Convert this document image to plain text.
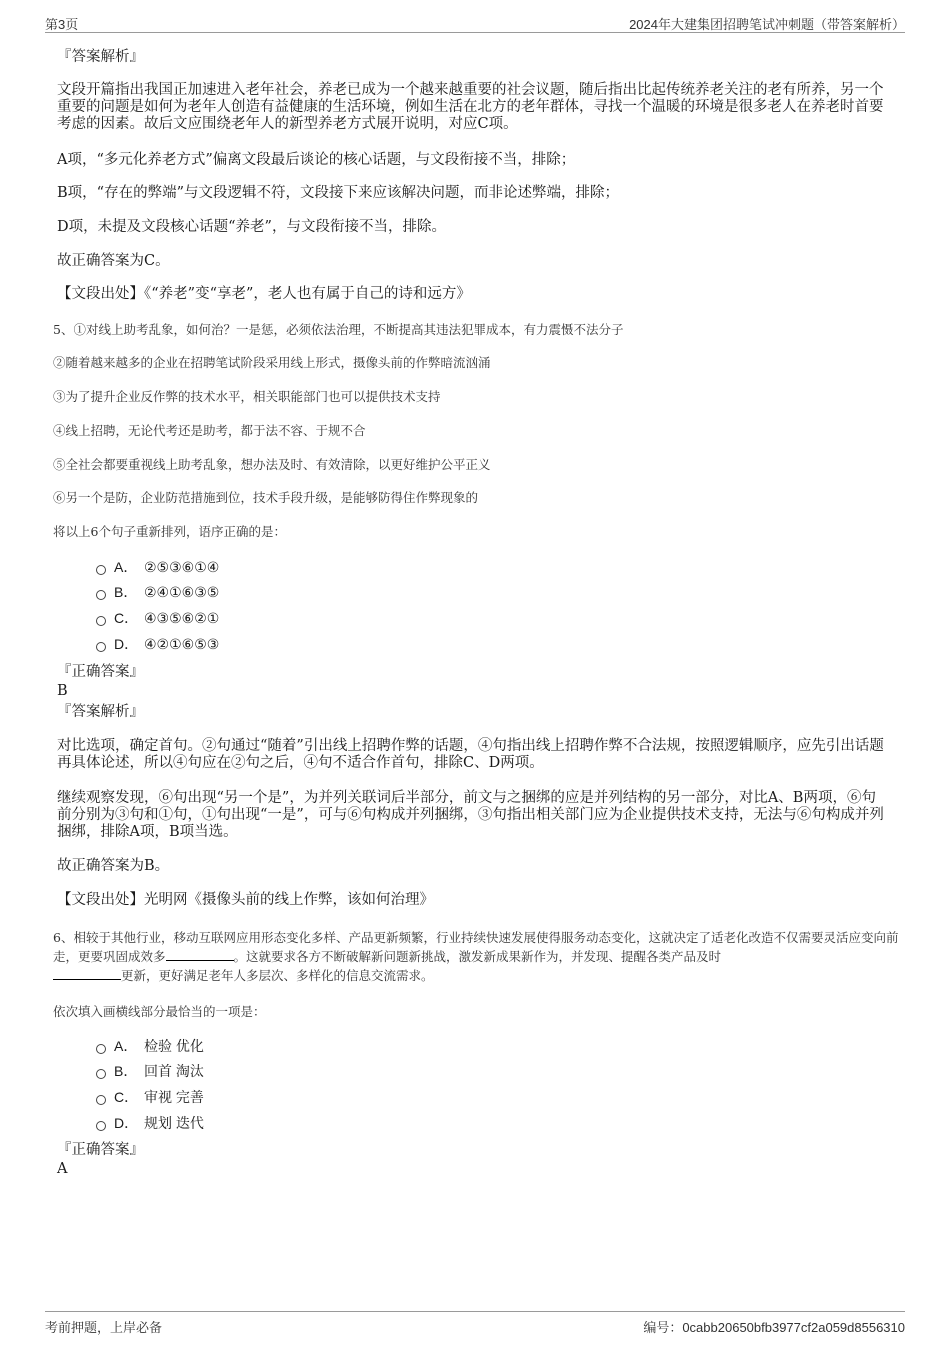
第3页	2024年大建集团招聘笔试冲刺题（带答案解析）
『答案解析』
文段开篇指出我国正加速进入老年社会，养老已成为一个越来越重要的社会议题，随后指出比起传统养老关注的老有所养，另一个重要的问题是如何为老年人创造有益健康的生活环境，例如生活在北方的老年群体，寻找一个温暖的环境是很多老人在养老时首要考虑的因素。故后文应围绕老年人的新型养老方式展开说明，对应C项。
A项，“多元化养老方式”偏离文段最后谈论的核心话题，与文段衔接不当，排除；
B项，“存在的弊端”与文段逻辑不符，文段接下来应该解决问题，而非论述弊端，排除；
D项，未提及文段核心话题“养老”，与文段衔接不当，排除。
故正确答案为C。
【文段出处】《“养老”变“享老”，老人也有属于自己的诗和远方》
5、①对线上助考乱象，如何治？一是惩，必须依法治理，不断提高其违法犯罪成本，有力震慑不法分子
②随着越来越多的企业在招聘笔试阶段采用线上形式，摄像头前的作弊暗流汹涌
③为了提升企业反作弊的技术水平，相关职能部门也可以提供技术支持
④线上招聘，无论代考还是助考，都于法不容、于规不合
⑤全社会都要重视线上助考乱象，想办法及时、有效清除，以更好维护公平正义
⑥另一个是防，企业防范措施到位，技术手段升级，是能够防得住作弊现象的
将以上6个句子重新排列，语序正确的是：
A． ②⑤③⑥①④
B． ②④①⑥③⑤
C． ④③⑤⑥②①
D． ④②①⑥⑤③
『正确答案』
B
『答案解析』
对比选项，确定首句。②句通过“随着”引出线上招聘作弊的话题，④句指出线上招聘作弊不合法规，按照逻辑顺序，应先引出话题再具体论述，所以④句应在②句之后，④句不适合作首句，排除C、D两项。
继续观察发现，⑥句出现“另一个是”，为并列关联词后半部分，前文与之捆绑的应是并列结构的另一部分，对比A、B两项，⑥句前分别为③句和①句，①句出现“一是”，可与⑥句构成并列捆绑，③句指出相关部门应为企业提供技术支持，无法与⑥句构成并列捆绑，排除A项，B项当选。
故正确答案为B。
【文段出处】光明网《摄像头前的线上作弊，该如何治理》
6、相较于其他行业，移动互联网应用形态变化多样、产品更新频繁，行业持续快速发展使得服务动态变化，这就决定了适老化改造不仅需要灵活应变向前走，更要巩固成效多	。这就要求各方不断破解新问题新挑战，激发新成果新作为，并发现、提醒各类产品及时
更新，更好满足老年人多层次、多样化的信息交流需求。
依次填入画横线部分最恰当的一项是：
A． 检验 优化
B． 回首 淘汰
C． 审视 完善
D． 规划 迭代
『正确答案』
A
考前押题，上岸必备	编号：0cabb20650bfb3977cf2a059d8556310
